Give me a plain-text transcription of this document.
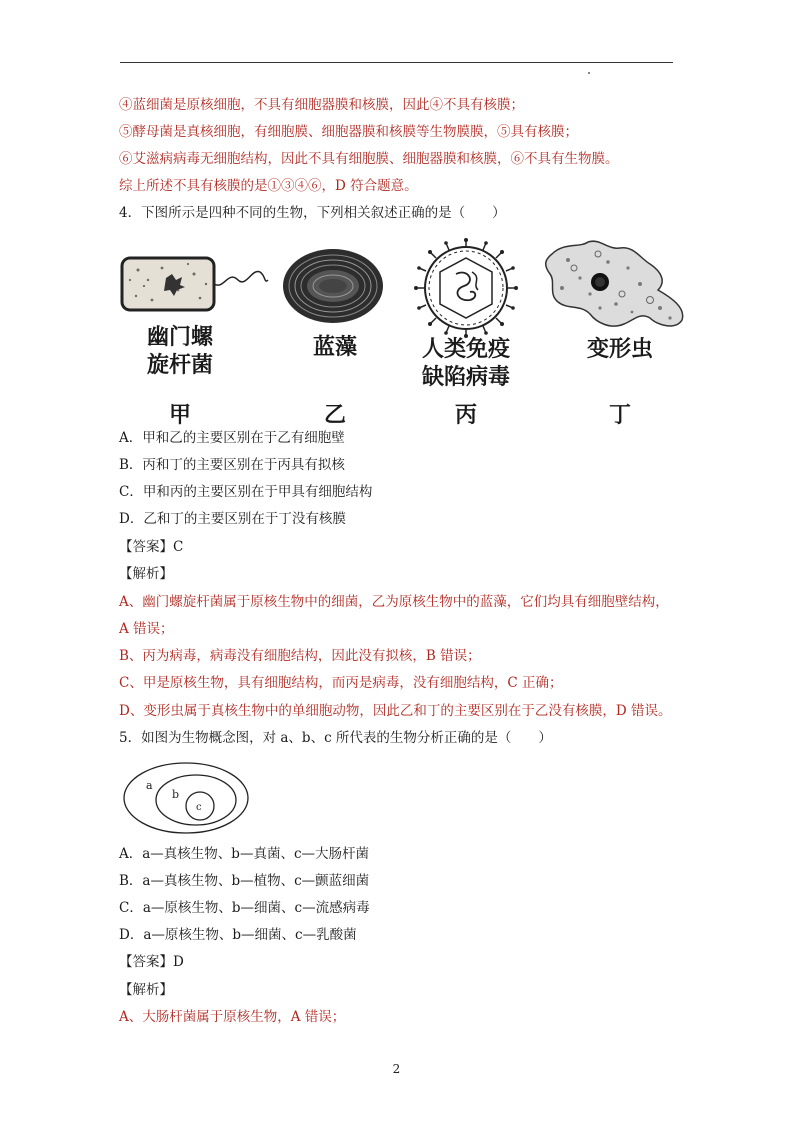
④蓝细菌是原核细胞，不具有细胞器膜和核膜，因此④不具有核膜；
⑤酵母菌是真核细胞，有细胞膜、细胞器膜和核膜等生物膜膜，⑤具有核膜；
⑥艾滋病病毒无细胞结构，因此不具有细胞膜、细胞器膜和核膜，⑥不具有生物膜。
综上所述不具有核膜的是①③④⑥，D 符合题意。
4．下图所示是四种不同的生物，下列相关叙述正确的是（　　）
幽门螺
旋杆菌
蓝藻	人类免疫
缺陷病毒
变形虫
甲	乙	丙	丁
A．甲和乙的主要区别在于乙有细胞壁
B．丙和丁的主要区别在于丙具有拟核
C．甲和丙的主要区别在于甲具有细胞结构
D．乙和丁的主要区别在于丁没有核膜
【答案】C
【解析】
A、幽门螺旋杆菌属于原核生物中的细菌，乙为原核生物中的蓝藻，它们均具有细胞壁结构，
A 错误；
B、丙为病毒，病毒没有细胞结构，因此没有拟核，B 错误；
C、甲是原核生物，具有细胞结构，而丙是病毒，没有细胞结构，C 正确；
D、变形虫属于真核生物中的单细胞动物，因此乙和丁的主要区别在于乙没有核膜，D 错误。
5．如图为生物概念图，对 a、b、c 所代表的生物分析正确的是（　　）
a
b
c
A．a—真核生物、b—真菌、c—大肠杆菌
B．a—真核生物、b—植物、c—颤蓝细菌
C．a—原核生物、b—细菌、c—流感病毒
D．a—原核生物、b—细菌、c—乳酸菌
【答案】D
【解析】
A、大肠杆菌属于原核生物，A 错误；
2
